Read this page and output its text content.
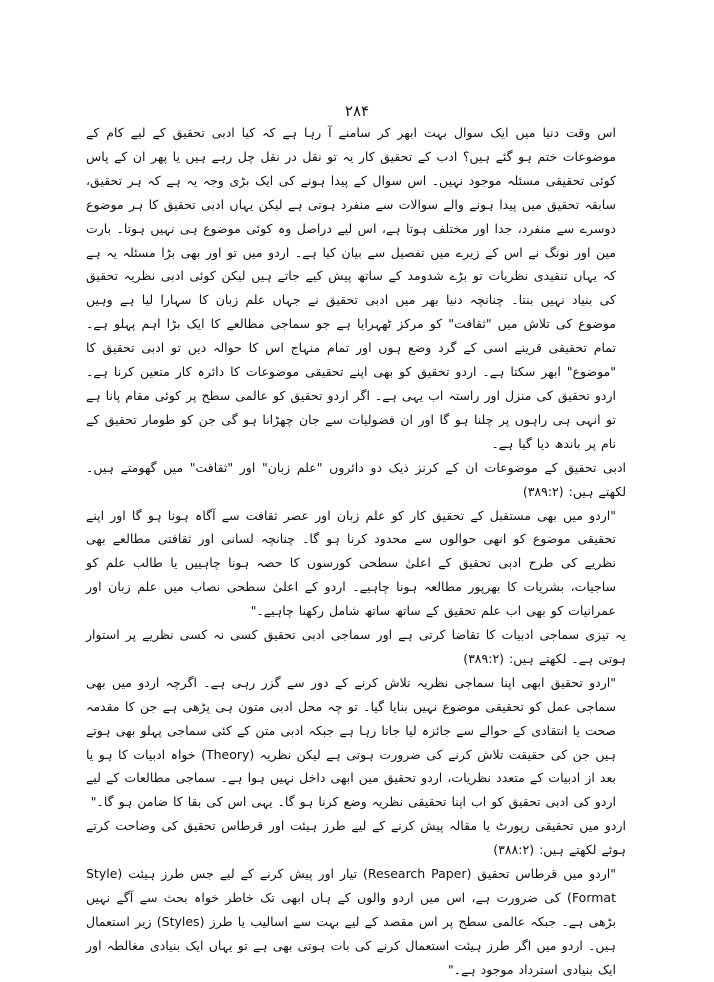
۲۸۴

اس وقت دنیا میں ایک سوال بہت ابھر کر سامنے آ رہا ہے کہ کیا ادبی تحقیق کے لیے کام کے موضوعات ختم ہو گئے ہیں؟ ادب کے تحقیق کار یہ تو نقل در نقل چل رہے ہیں یا پھر ان کے پاس کوئی تحقیقی مسئلہ موجود نہیں۔ اس سوال کے پیدا ہونے کی ایک بڑی وجہ یہ ہے کہ ہر تحقیق، سابقہ تحقیق میں پیدا ہونے والے سوالات سے منفرد ہوتی ہے لیکن یہاں ادبی تحقیق کا ہر موضوع دوسرے سے منفرد، جدا اور مختلف ہوتا ہے، اس لیے دراصل وہ کوئی موضوع ہی نہیں ہوتا۔ بارت مین اور نونگ نے اس کے زیرے میں تفصیل سے بیان کیا ہے۔ اردو میں تو اور بھی بڑا مسئلہ یہ ہے کہ یہاں تنقیدی نظریات تو بڑے شدومد کے ساتھ پیش کیے جاتے ہیں لیکن کوئی ادبی نظریہ تحقیق کی بنیاد نہیں بنتا۔ چنانچہ دنیا بھر میں ادبی تحقیق نے جہاں علم زبان کا سہارا لیا ہے وہیں موضوع کی تلاش میں "ثقافت" کو مرکز ٹھہرایا ہے جو سماجی مطالعے کا ایک بڑا اہم پہلو ہے۔ تمام تحقیقی قرینے اسی کے گرد وضع ہوں اور تمام منہاج اس کا حوالہ دیں تو ادبی تحقیق کا "موضوع" ابھر سکتا ہے۔ اردو تحقیق کو بھی اپنے تحقیقی موضوعات کا دائرہ کار متعین کرنا ہے۔ اردو تحقیق کی منزل اور راستہ اب یہی ہے۔ اگر اردو تحقیق کو عالمی سطح پر کوئی مقام پانا ہے تو انہی ہی راہوں پر چلنا ہو گا اور ان فضولیات سے جان چھڑانا ہو گی جن کو طومار تحقیق کے نام پر باندھ دیا گیا ہے۔

ادبی تحقیق کے موضوعات ان کے کرنز ذیک دو دائروں "علم زبان" اور "ثقافت" میں گھومتے ہیں۔ لکھتے ہیں: (۳۸۹:۲)

"اردو میں بھی مستقبل کے تحقیق کار کو علم زبان اور عصر ثقافت سے آگاہ ہونا ہو گا اور اپنے تحقیقی موضوع کو انھی حوالوں سے محدود کرنا ہو گا۔ چنانچہ لسانی اور ثقافتی مطالعے بھی نظریے کی طرح ادبی تحقیق کے اعلیٰ سطحی کورسوں کا حصہ ہونا چاہییں یا طالب علم کو ساجیات، بشریات کا بھرپور مطالعہ ہونا چاہیے۔ اردو کے اعلیٰ سطحی نصاب میں علم زبان اور عمرانیات کو بھی اب علم تحقیق کے ساتھ ساتھ شامل رکھنا چاہیے۔"

یہ تیزی سماجی ادبیات کا تقاضا کرتی ہے اور سماجی ادبی تحقیق کسی نہ کسی نظریے پر استوار ہوتی ہے۔ لکھتے ہیں: (۳۸۹:۲)

"اردو تحقیق ابھی اپنا سماجی نظریہ تلاش کرنے کے دور سے گزر رہی ہے۔ اگرچہ اردو میں بھی سماجی عمل کو تحقیقی موضوع نہیں بنایا گیا۔ تو چہ محل ادبی متون ہی پڑھی ہے جن کا مقدمہ صحت یا انتقادی کے حوالے سے جائزہ لیا جاتا رہا ہے جبکہ ادبی متن کے کئی سماجی پہلو بھی ہوتے ہیں جن کی حقیقت تلاش کرنے کی ضرورت ہوتی ہے لیکن نظریہ (Theory) خواہ ادبیات کا ہو یا بعد از ادبیات کے متعدد نظریات، اردو تحقیق میں ابھی داخل نہیں ہوا ہے۔ سماجی مطالعات کے لیے اردو کی ادبی تحقیق کو اب اپنا تحقیقی نظریہ وضع کرنا ہو گا۔ یہی اس کی بقا کا ضامن ہو گا۔"

اردو میں تحقیقی رپورٹ یا مقالہ پیش کرنے کے لیے طرز ہیئت اور قرطاس تحقیق کی وضاحت کرتے ہوئے لکھتے ہیں: (۳۸۸:۲)

"اردو میں قرطاس تحقیق (Research Paper) تیار اور پیش کرنے کے لیے جس طرز ہیئت (Style Format) کی ضرورت ہے، اس میں اردو والوں کے ہاں ابھی تک خاطر خواہ بحث سے آگے نہیں بڑھی ہے۔ جبکہ عالمی سطح پر اس مقصد کے لیے بہت سے اسالیب یا طرز (Styles) زیر استعمال ہیں۔ اردو میں اگر طرز ہیئت استعمال کرنے کی بات ہوتی بھی ہے تو یہاں ایک بنیادی مغالطہ اور ایک بنیادی استرداد موجود ہے۔"
